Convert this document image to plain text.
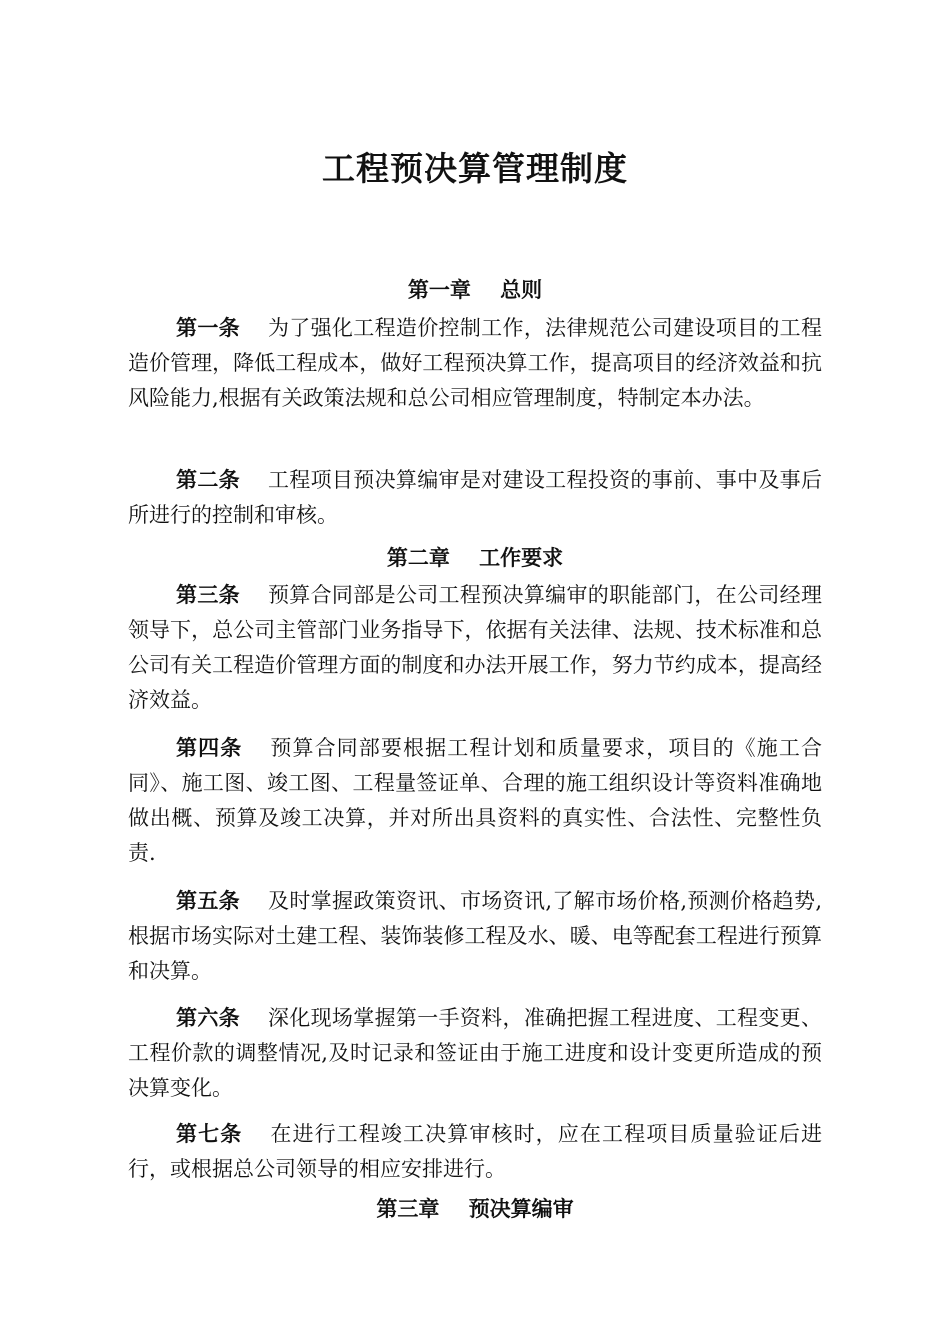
工程预决算管理制度
第一章    总则

第一条 为了强化工程造价控制工作，法律规范公司建设项目的工程造价管理，降低工程成本，做好工程预决算工作，提高项目的经济效益和抗风险能力,根据有关政策法规和总公司相应管理制度，特制定本办法。

第二条 工程项目预决算编审是对建设工程投资的事前、事中及事后所进行的控制和审核。

第二章    工作要求

第三条 预算合同部是公司工程预决算编审的职能部门，在公司经理领导下，总公司主管部门业务指导下，依据有关法律、法规、技术标准和总公司有关工程造价管理方面的制度和办法开展工作，努力节约成本，提高经济效益。

第四条 预算合同部要根据工程计划和质量要求，项目的《施工合同》、施工图、竣工图、工程量签证单、合理的施工组织设计等资料准确地做出概、预算及竣工决算，并对所出具资料的真实性、合法性、完整性负责.

第五条 及时掌握政策资讯、市场资讯,了解市场价格,预测价格趋势,根据市场实际对土建工程、装饰装修工程及水、暖、电等配套工程进行预算和决算。

第六条 深化现场掌握第一手资料，准确把握工程进度、工程变更、工程价款的调整情况,及时记录和签证由于施工进度和设计变更所造成的预决算变化。

第七条 在进行工程竣工决算审核时，应在工程项目质量验证后进行，或根据总公司领导的相应安排进行。

第三章    预决算编审
